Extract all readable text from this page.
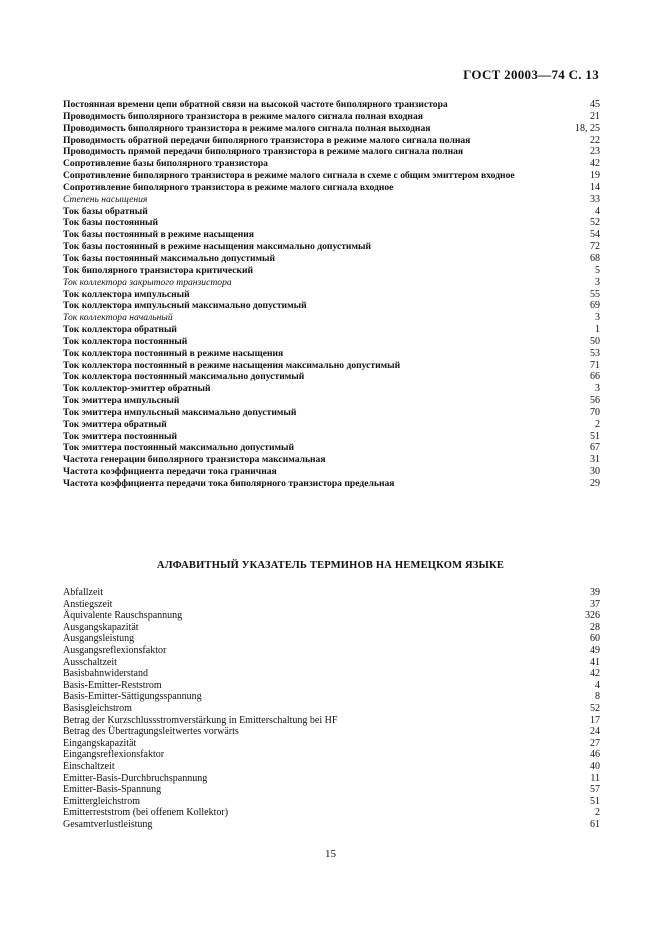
ГОСТ 20003—74 С. 13
Постоянная времени цепи обратной связи на высокой частоте биполярного транзистора	45
Проводимость биполярного транзистора в режиме малого сигнала полная входная	21
Проводимость биполярного транзистора в режиме малого сигнала полная выходная	18, 25
Проводимость обратной передачи биполярного транзистора в режиме малого сигнала полная	22
Проводимость прямой передачи биполярного транзистора в режиме малого сигнала полная	23
Сопротивление базы биполярного транзистора	42
Сопротивление биполярного транзистора в режиме малого сигнала в схеме с общим эмиттером входное	19
Сопротивление биполярного транзистора в режиме малого сигнала входное	14
Степень насыщения	33
Ток базы обратный	4
Ток базы постоянный	52
Ток базы постоянный в режиме насыщения	54
Ток базы постоянный в режиме насыщения максимально допустимый	72
Ток базы постоянный максимально допустимый	68
Ток биполярного транзистора критический	5
Ток коллектора закрытого транзистора	3
Ток коллектора импульсный	55
Ток коллектора импульсный максимально допустимый	69
Ток коллектора начальный	3
Ток коллектора обратный	1
Ток коллектора постоянный	50
Ток коллектора постоянный в режиме насыщения	53
Ток коллектора постоянный в режиме насыщения максимально допустимый	71
Ток коллектора постоянный максимально допустимый	66
Ток коллектор-эмиттер обратный	3
Ток эмиттера импульсный	56
Ток эмиттера импульсный максимально допустимый	70
Ток эмиттера обратный	2
Ток эмиттера постоянный	51
Ток эмиттера постоянный максимально допустимый	67
Частота генерации биполярного транзистора максимальная	31
Частота коэффициента передачи тока граничная	30
Частота коэффициента передачи тока биполярного транзистора предельная	29
АЛФАВИТНЫЙ УКАЗАТЕЛЬ ТЕРМИНОВ НА НЕМЕЦКОМ ЯЗЫКЕ
Abfallzeit	39
Anstiegszeit	37
Äquivalente Rauschspannung	326
Ausgangskapazität	28
Ausgangsleistung	60
Ausgangsreflexionsfaktor	49
Ausschaltzeit	41
Basisbahnwiderstand	42
Basis-Emitter-Reststrom	4
Basis-Emitter-Sättigungsspannung	8
Basisgleichstrom	52
Betrag der Kurzschlussstromverstärkung in Emitterschaltung bei HF	17
Betrag des Übertragungsleitwertes vorwärts	24
Eingangskapazität	27
Eingangsreflexionsfaktor	46
Einschaltzeit	40
Emitter-Basis-Durchbruchspannung	11
Emitter-Basis-Spannung	57
Emittergleichstrom	51
Emitterreststrom (bei offenem Kollektor)	2
Gesamtverlustleistung	61
15
